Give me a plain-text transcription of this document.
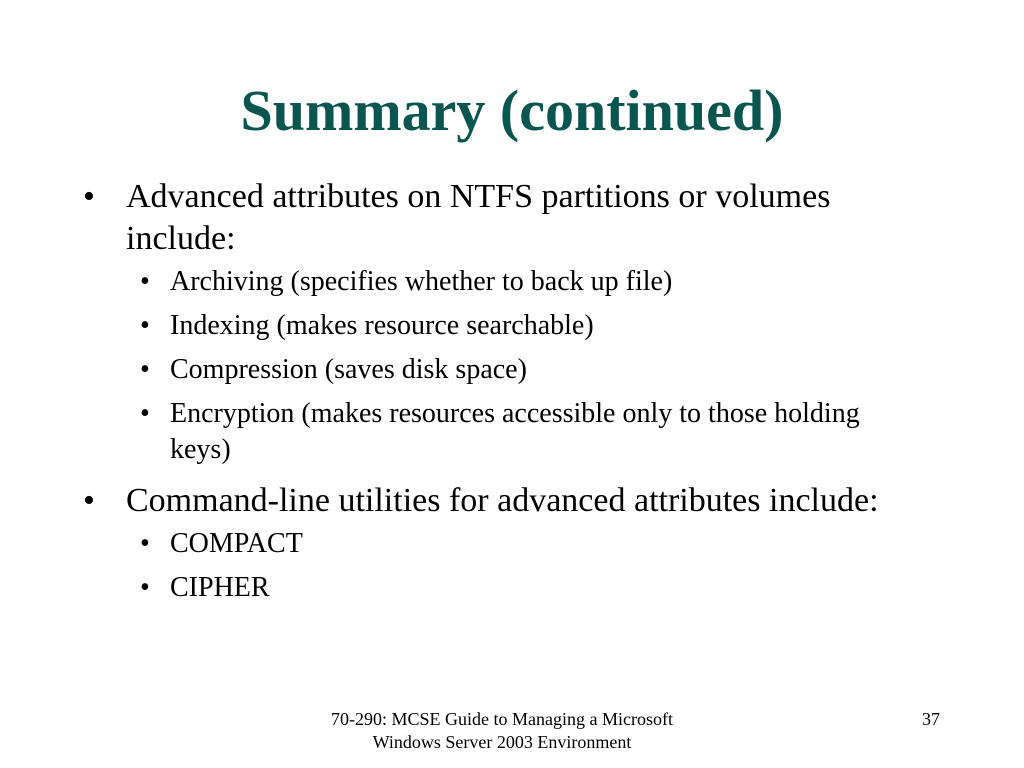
Summary (continued)
• Advanced attributes on NTFS partitions or volumes include:
• Archiving (specifies whether to back up file)
• Indexing (makes resource searchable)
• Compression (saves disk space)
• Encryption (makes resources accessible only to those holding keys)
• Command-line utilities for advanced attributes include:
• COMPACT
• CIPHER
70-290: MCSE Guide to Managing a Microsoft
Windows Server 2003 Environment
37
